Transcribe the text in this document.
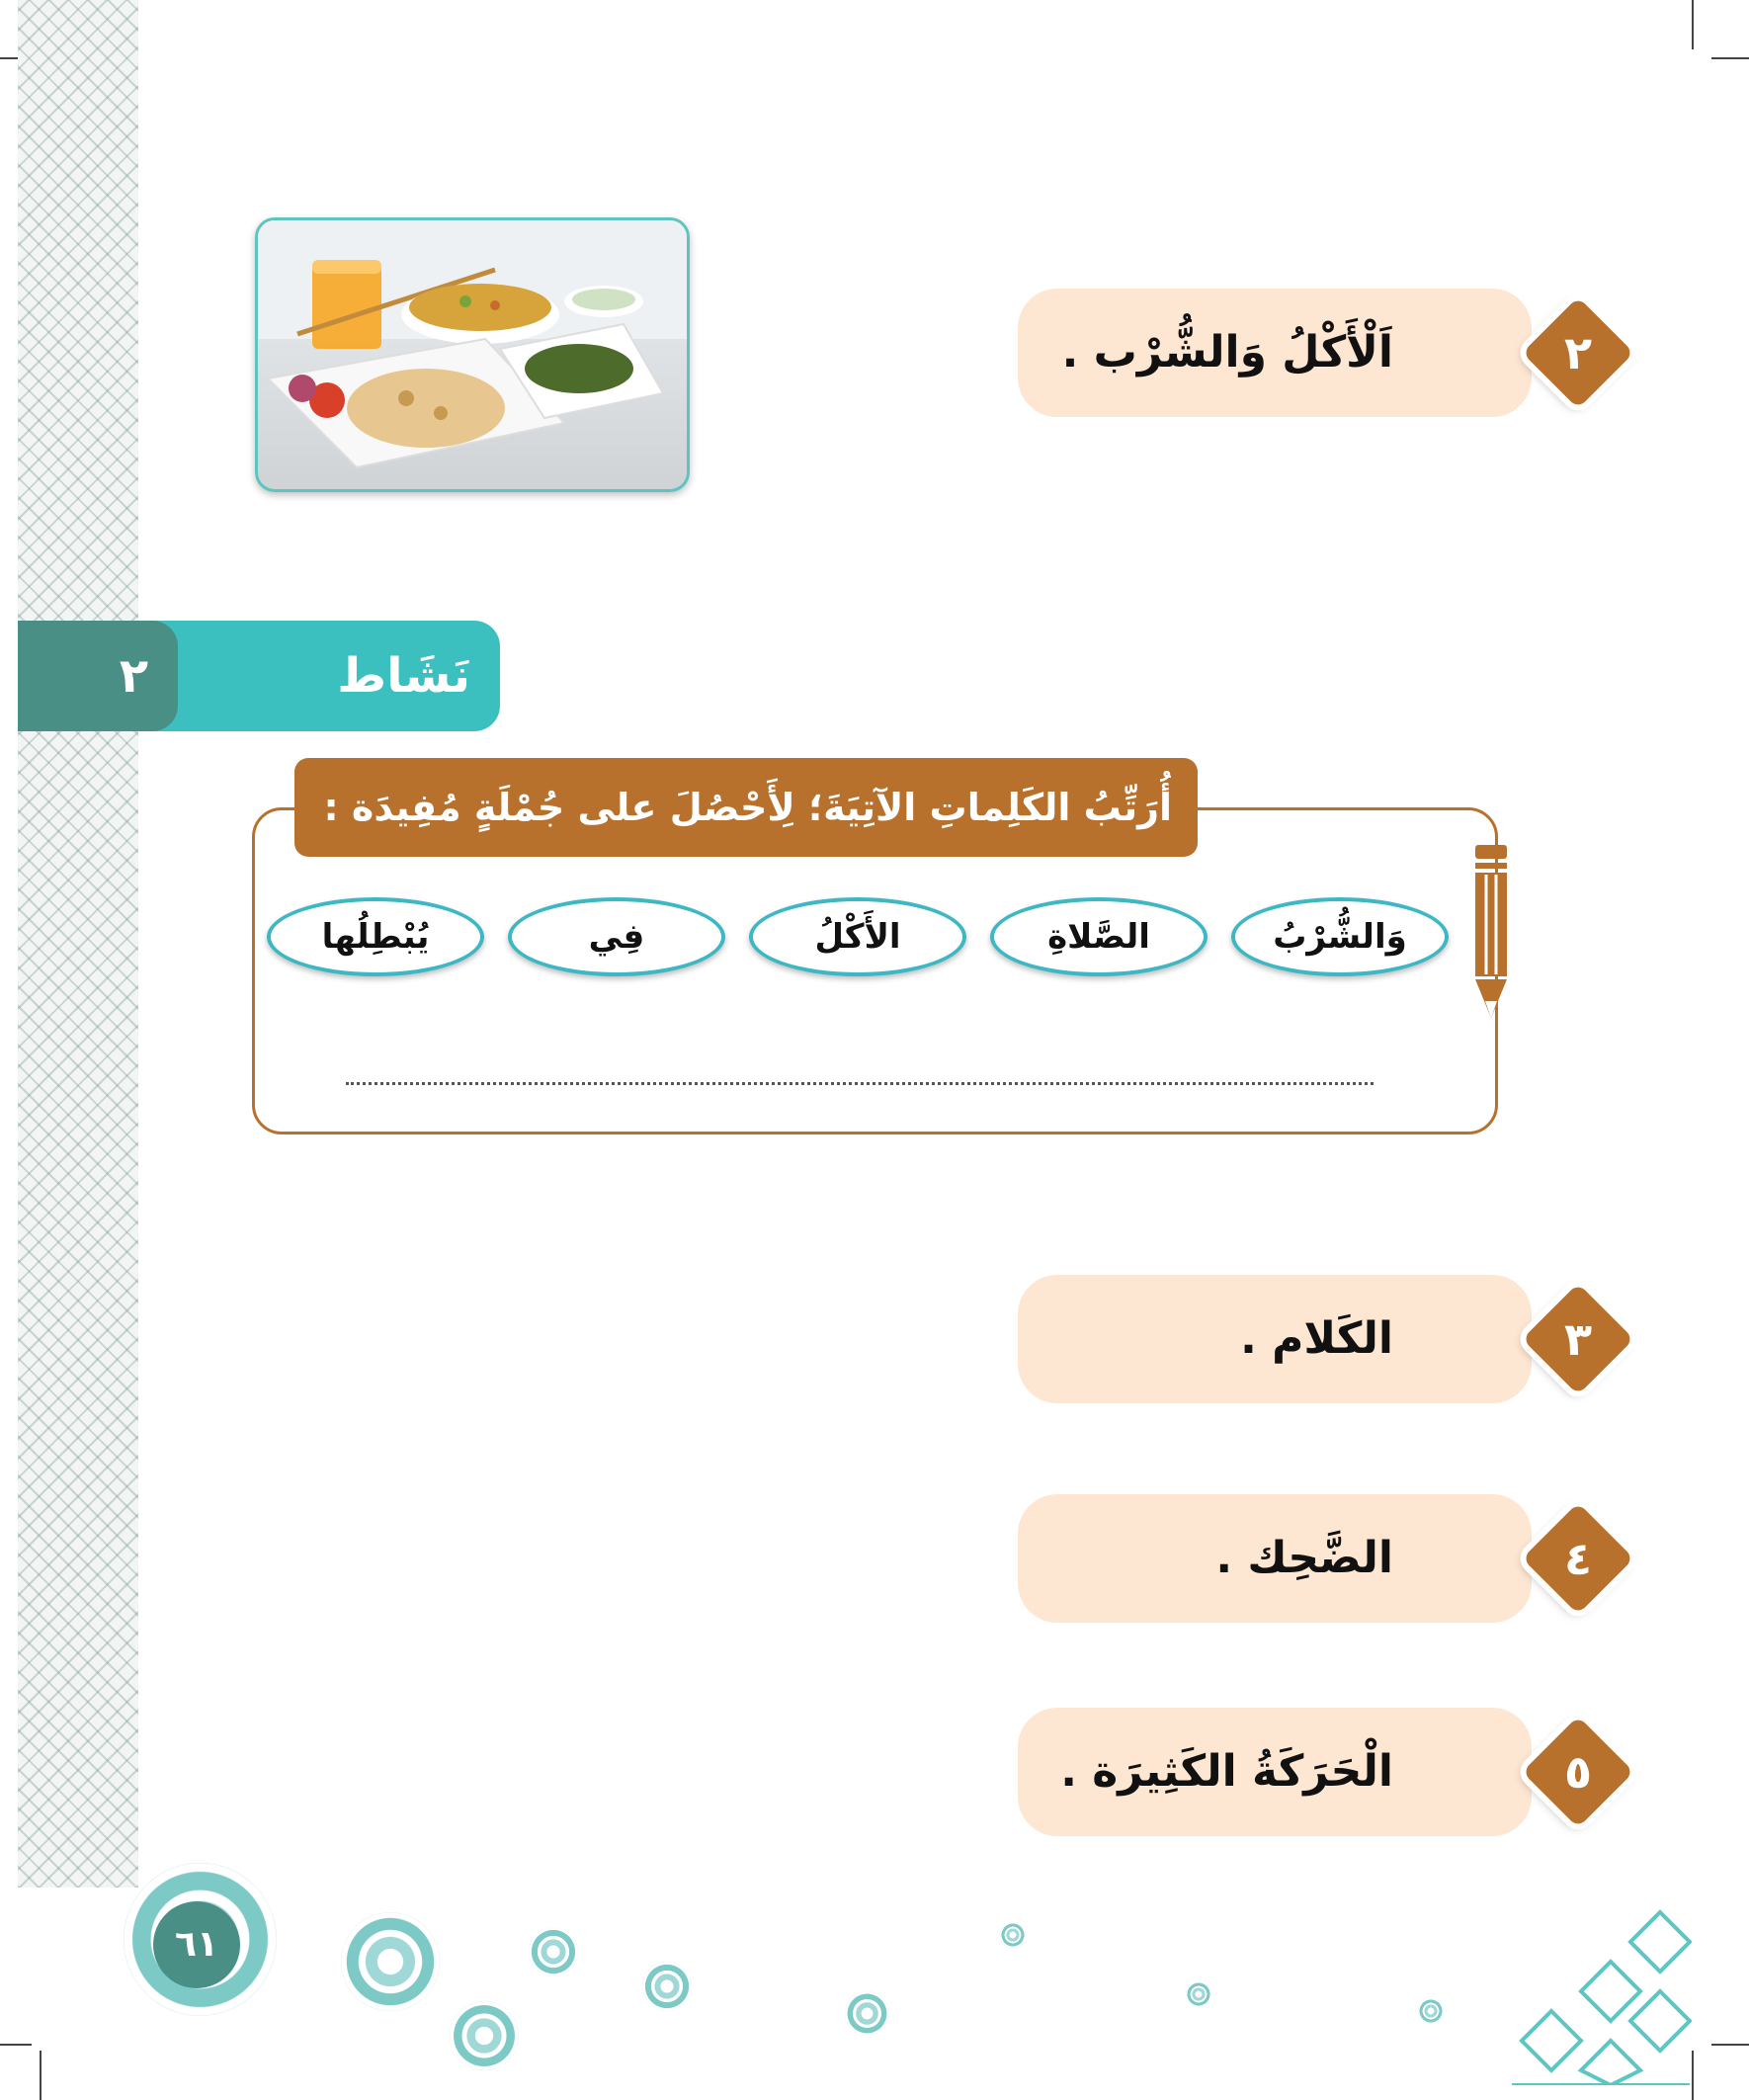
اَلْأَكْلُ وَالشُّرْب .	٢
نَشَاط
٢
أُرَتِّبُ الكَلِماتِ الآتِيَةَ؛ لِأَحْصُلَ على جُمْلَةٍ مُفِيدَة :
وَالشُّرْبُ
الصَّلاةِ
الأَكْلُ
فِي
يُبْطِلُها
الكَلام .	٣
الضَّحِك .	٤
الْحَرَكَةُ الكَثِيرَة .	٥
٦١
